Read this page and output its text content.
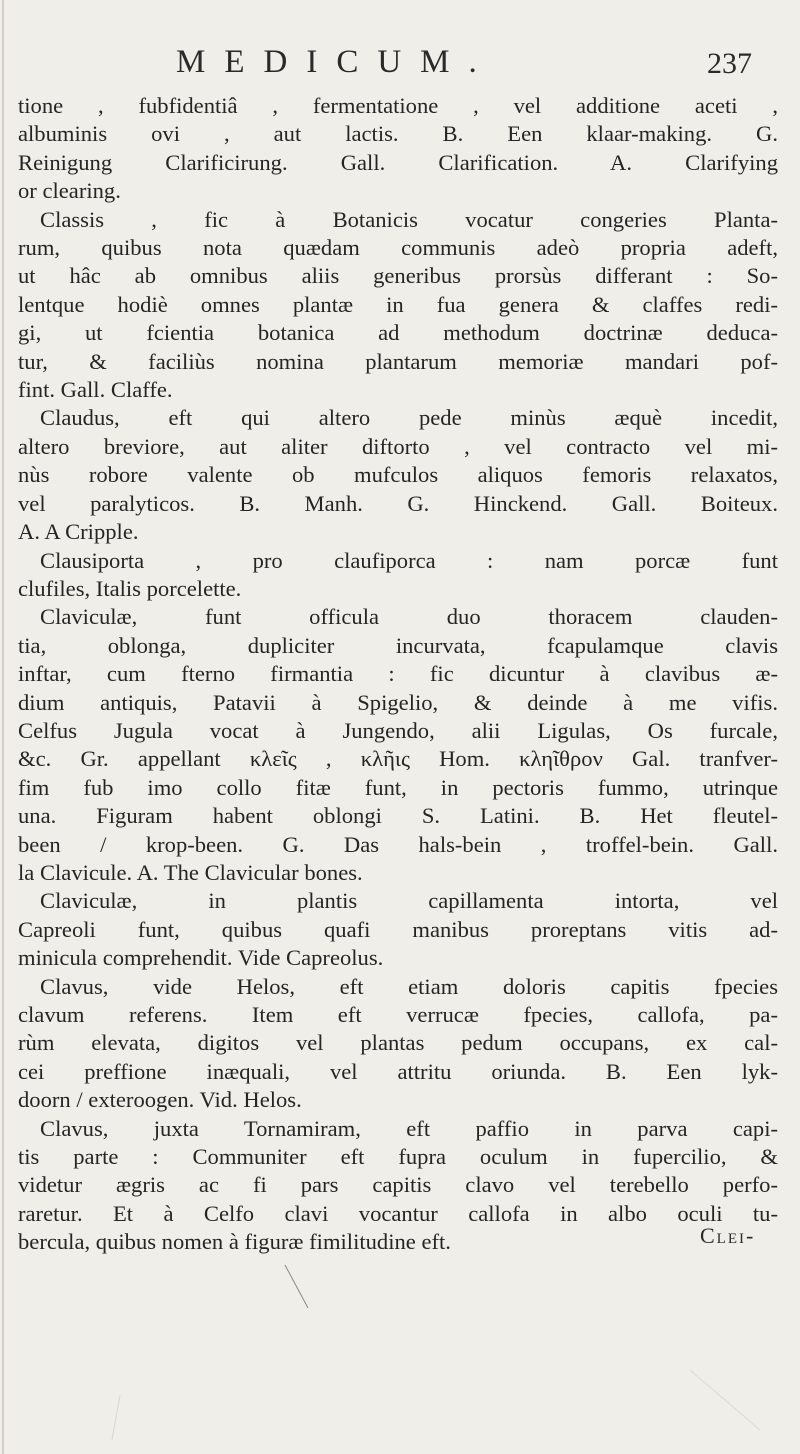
MEDICUM.	237

tione , fubfidentiâ , fermentatione , vel additione aceti ,
albuminis ovi , aut lactis. B. Een klaar-making. G.
Reinigung Clarificirung. Gall. Clarification. A. Clarifying
or clearing.

Classis , fic à Botanicis vocatur congeries Planta-
rum, quibus nota quædam communis adeò propria adeft,
ut hâc ab omnibus aliis generibus prorsùs differant : So-
lentque hodiè omnes plantæ in fua genera & claffes redi-
gi, ut fcientia botanica ad methodum doctrinæ deduca-
tur, & faciliùs nomina plantarum memoriæ mandari pof-
fint. Gall. Claffe.

Claudus, eft qui altero pede minùs æquè incedit,
altero breviore, aut aliter diftorto , vel contracto vel mi-
nùs robore valente ob mufculos aliquos femoris relaxatos,
vel paralyticos. B. Manh. G. Hinckend. Gall. Boiteux.
A. A Cripple.

Clausiporta , pro claufiporca : nam porcæ funt
clufiles, Italis porcelette.

Claviculæ, funt officula duo thoracem clauden-
tia, oblonga, dupliciter incurvata, fcapulamque clavis
inftar, cum fterno firmantia : fic dicuntur à clavibus æ-
dium antiquis, Patavii à Spigelio, & deinde à me vifis.
Celfus Jugula vocat à Jungendo, alii Ligulas, Os furcale,
&c. Gr. appellant κλεῖς , κλῆις Hom. κληῖθρον Gal. tranfver-
fim fub imo collo fitæ funt, in pectoris fummo, utrinque
una. Figuram habent oblongi S. Latini. B. Het fleutel-
been / krop-been. G. Das hals-bein , troffel-bein. Gall.
la Clavicule. A. The Clavicular bones.

Claviculæ, in plantis capillamenta intorta, vel
Capreoli funt, quibus quafi manibus proreptans vitis ad-
minicula comprehendit. Vide Capreolus.

Clavus, vide Helos, eft etiam doloris capitis fpecies
clavum referens. Item eft verrucæ fpecies, callofa, pa-
rùm elevata, digitos vel plantas pedum occupans, ex cal-
cei preffione inæquali, vel attritu oriunda. B. Een lyk-
doorn / exteroogen. Vid. Helos.

Clavus, juxta Tornamiram, eft paffio in parva capi-
tis parte : Communiter eft fupra oculum in fupercilio, &
videtur ægris ac fi pars capitis clavo vel terebello perfo-
raretur. Et à Celfo clavi vocantur callofa in albo oculi tu-
bercula, quibus nomen à figuræ fimilitudine eft.	Clei-
